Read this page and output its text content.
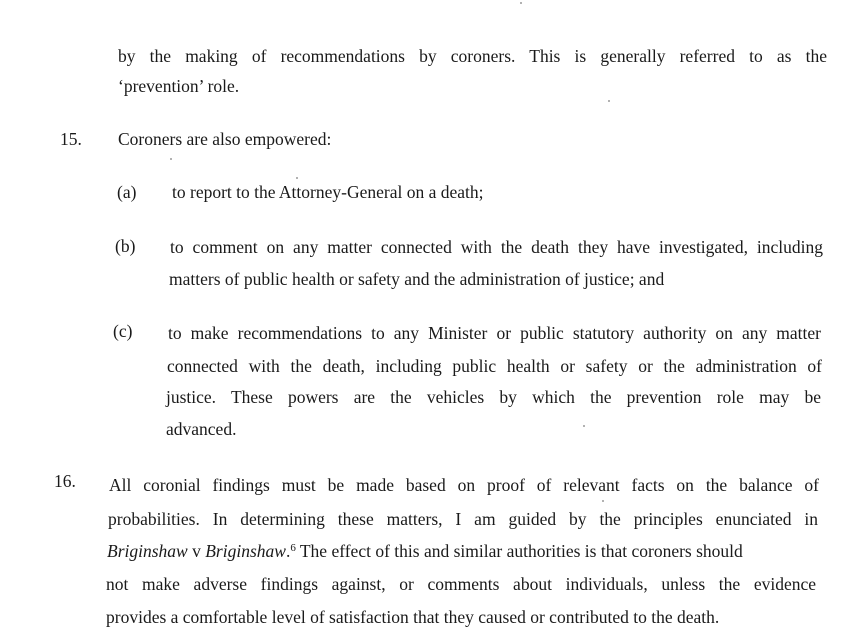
by the making of recommendations by coroners. This is generally referred to as the
‘prevention’ role.
15. Coroners are also empowered:
(a) to report to the Attorney-General on a death;
(b) to comment on any matter connected with the death they have investigated, including
matters of public health or safety and the administration of justice; and
(c) to make recommendations to any Minister or public statutory authority on any matter
connected with the death, including public health or safety or the administration of
justice. These powers are the vehicles by which the prevention role may be
advanced.
16. All coronial findings must be made based on proof of relevant facts on the balance of
probabilities. In determining these matters, I am guided by the principles enunciated in
Briginshaw v Briginshaw.$^6$ The effect of this and similar authorities is that coroners should
not make adverse findings against, or comments about individuals, unless the evidence
provides a comfortable level of satisfaction that they caused or contributed to the death.
